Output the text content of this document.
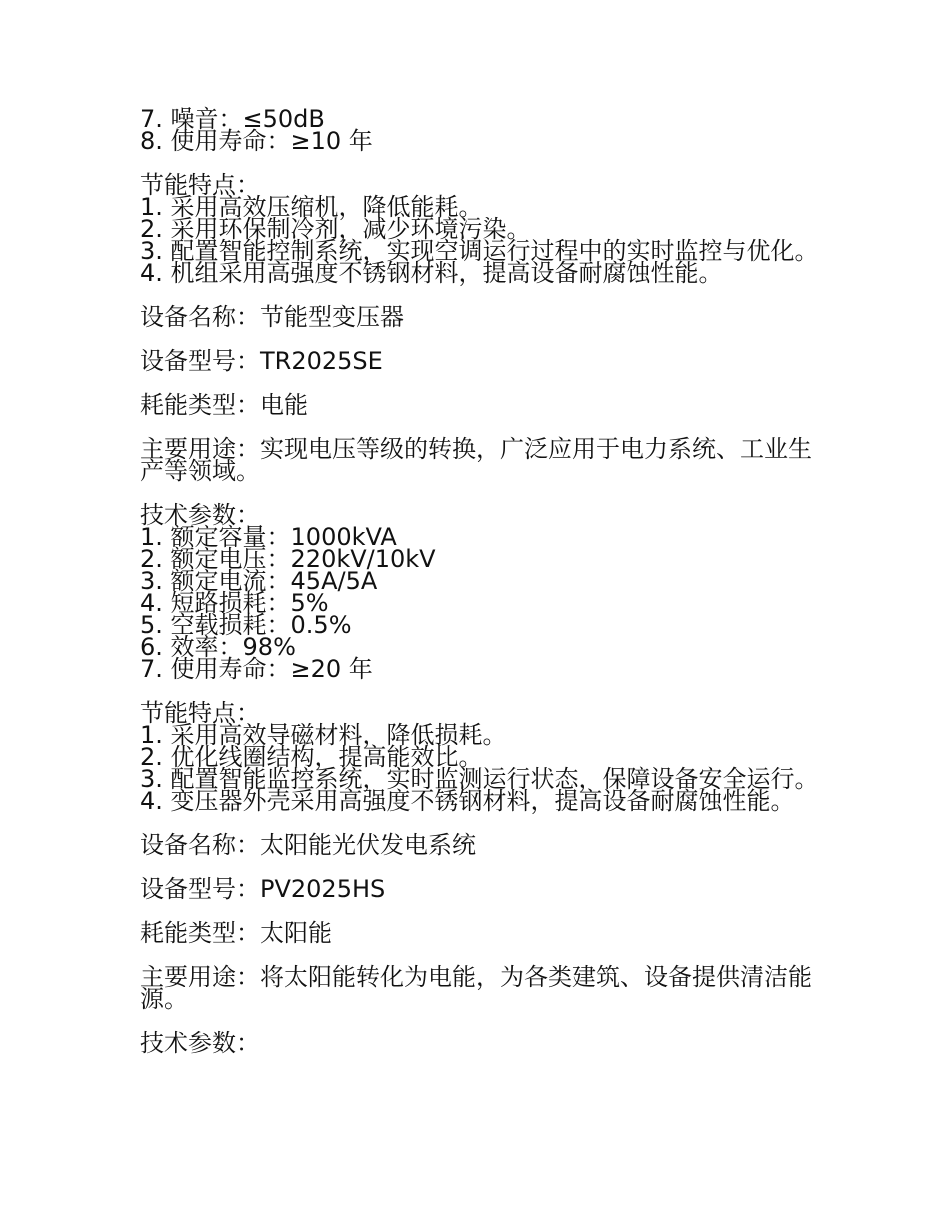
7. 噪音：≤50dB

8. 使用寿命：≥10 年

节能特点：

1. 采用高效压缩机，降低能耗。

2. 采用环保制冷剂，减少环境污染。

3. 配置智能控制系统，实现空调运行过程中的实时监控与优化。

4. 机组采用高强度不锈钢材料，提高设备耐腐蚀性能。

设备名称：节能型变压器

设备型号：TR2025SE

耗能类型：电能

主要用途：实现电压等级的转换，广泛应用于电力系统、工业生产等领域。

技术参数：

1. 额定容量：1000kVA

2. 额定电压：220kV/10kV

3. 额定电流：45A/5A

4. 短路损耗：5%

5. 空载损耗：0.5%

6. 效率：98%

7. 使用寿命：≥20 年

节能特点：

1. 采用高效导磁材料，降低损耗。

2. 优化线圈结构，提高能效比。

3. 配置智能监控系统，实时监测运行状态，保障设备安全运行。

4. 变压器外壳采用高强度不锈钢材料，提高设备耐腐蚀性能。

设备名称：太阳能光伏发电系统

设备型号：PV2025HS

耗能类型：太阳能

主要用途：将太阳能转化为电能，为各类建筑、设备提供清洁能源。

技术参数：
